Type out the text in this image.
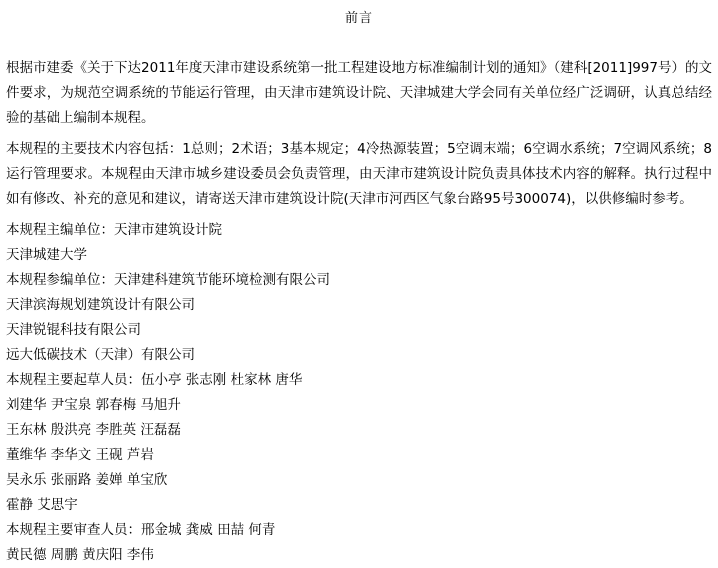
前言

根据市建委《关于下达2011年度天津市建设系统第一批工程建设地方标准编制计划的通知》（建科[2011]997号）的文件要求，为规范空调系统的节能运行管理，由天津市建筑设计院、天津城建大学会同有关单位经广泛调研，认真总结经验的基础上编制本规程。

本规程的主要技术内容包括：1总则；2术语；3基本规定；4冷热源装置；5空调末端；6空调水系统；7空调风系统；8运行管理要求。本规程由天津市城乡建设委员会负责管理，由天津市建筑设计院负责具体技术内容的解释。执行过程中如有修改、补充的意见和建议，请寄送天津市建筑设计院(天津市河西区气象台路95号300074)，以供修编时参考。

本规程主编单位：天津市建筑设计院

天津城建大学

本规程参编单位：天津建科建筑节能环境检测有限公司

天津滨海规划建筑设计有限公司

天津锐锟科技有限公司

远大低碳技术（天津）有限公司

本规程主要起草人员：伍小亭 张志刚 杜家林 唐华

刘建华 尹宝泉 郭春梅 马旭升

王东林 殷洪亮 李胜英 汪磊磊

董维华 李华文 王砚 芦岩

吴永乐 张丽路 姜婵 单宝欣

霍静 艾思宇

本规程主要审查人员：邢金城 龚威 田喆 何青

黄民德 周鹏 黄庆阳 李伟
